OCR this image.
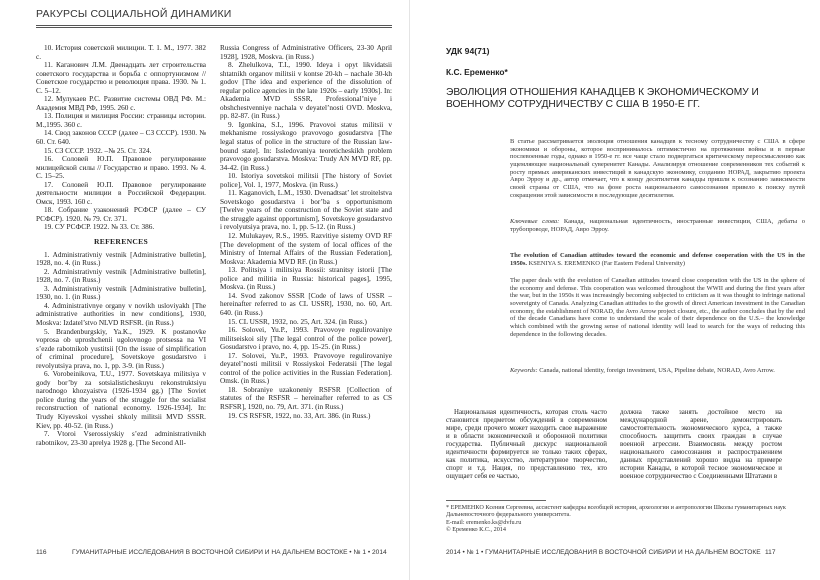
РАКУРСЫ СОЦИАЛЬНОЙ ДИНАМИКИ

10. История советской милиции. Т. 1. М., 1977. 382 с.

11. Каганович Л.М. Двенадцать лет строительства советского государства и борьба с оппортунизмом // Советское государство и революция права. 1930. № 1. С. 5–12.

12. Мулукаев Р.С. Развитие системы ОВД РФ. М.: Академия МВД РФ, 1995. 260 с.

13. Полиция и милиция России: страницы истории. М.,1995. 360 с.

14. Свод законов СССР (далее – СЗ СССР). 1930. № 60. Ст. 640.

15. СЗ СССР. 1932. –№ 25. Ст. 324.

16. Соловей Ю.П. Правовое регулирование милицейской силы // Государство и право. 1993. № 4. С. 15–25.

17. Соловей Ю.П. Правовое регулирование деятельности милиции в Российской Федерации. Омск, 1993. 160 с.

18. Собрание узаконений РСФСР (далее – СУ РСФСР). 1920. № 79. Ст. 371.

19. СУ РСФСР. 1922. № 33. Ст. 386.

REFERENCES

1. Administrativniy vestnik [Administrative bulletin], 1928, no. 4. (in Russ.)

2. Administrativniy vestnik [Administrative bulletin], 1928, no. 7. (in Russ.)

3. Administrativniy vestnik [Administrative bulletin], 1930, no. 1. (in Russ.)

4. Administrativnye organy v novikh usloviyakh [The administrative authorities in new conditions], 1930, Moskva: Izdatel’stvo NLVD RSFSR. (in Russ.)

5. Brandenburgskiy, Ya.K., 1929. K postanovke voprosa ob uproshchenii ugolovnogo protsessa na VI s’ezde rabotnikob yustitsii [On the issue of simplification of criminal procedure], Sovetskoye gosudarstvo i revolyutsiya prava, no. 1, pp. 3-9. (in Russ.)

6. Vorobeinikova, T.U., 1977. Sovetskaya militsiya v gody bor’by za sotsialisticheskuyu rekonstruktsiyu narodnogo khozyaistva (1926-1934 gg.) [The Soviet police during the years of the struggle for the socialist reconstruction of national economy. 1926-1934]. In: Trudy Kiyevskoi vysshei shkoly militsii MVD SSSR. Kiev, pp. 40-52. (in Russ.)

7. Vtoroi Vserossiyskiy s’ezd administrativnikh rabotnikov, 23-30 aprelya 1928 g. [The Second All-

Russia Congress of Administrative Officers, 23-30 April 1928], 1928, Moskva. (in Russ.)

8. Zhelulkova, T.I., 1990. Ideya i opyt likvidatsii shtatnikh organov militsii v kontse 20-kh – nachale 30-kh godov [The idea and experience of the dissolution of regular police agencies in the late 1920s – early 1930s]. In: Akademia MVD SSSR, Professional’niye i obshchestvenniye nachala v deyatel’nosti OVD. Moskva, pp. 82-87. (in Russ.)

9. Igonkina, S.I., 1996. Pravovoi status militsii v mekhanisme rossiyskogo pravovogo gosudarstva [The legal status of police in the structure of the Russian law-bound state]. In: Issledovaniya teoreticheskikh problem pravovogo gosudarstva. Moskva: Trudy AN MVD RF, pp. 34-42. (in Russ.)

10. Istoriya sovetskoi militsii [The history of Soviet police], Vol. 1, 1977, Moskva. (in Russ.)

11. Kaganovich, L.M., 1930. Dvenadtsat’ let stroitelstva Sovetskogo gosudarstva i bor’ba s opportunismom [Twelve years of the construction of the Soviet state and the struggle against opportunism], Sovetskoye gosudarstvo i revolyutsiya prava, no. 1, pp. 5-12. (in Russ.)

12. Mulukayev, R.S., 1995. Razvitiye sistemy OVD RF [The development of the system of local offices of the Ministry of Internal Affairs of the Russian Federation], Moskva: Akademia MVD RF. (in Russ.)

13. Politsiya i militsiya Rossii: stranitsy istorii [The police and militia in Russia: historical pages], 1995, Moskva. (in Russ.)

14. Svod zakonov SSSR [Code of laws of USSR – hereinafter referred to as CL USSR], 1930, no. 60, Art. 640. (in Russ.)

15. CL USSR, 1932, no. 25, Art. 324. (in Russ.)

16. Solovei, Yu.P., 1993. Pravovoye regulirovaniye militseiskoi sily [The legal control of the police power], Gosudarstvo i pravo, no. 4, pp. 15-25. (in Russ.)

17. Solovei, Yu.P., 1993. Pravovoye regulirovaniye deyatel’nosti militsii v Rossiyskoi Federatsii [The legal control of the police activities in the Russian Federation]. Omsk. (in Russ.)

18. Sobraniye uzakoneniy RSFSR [Collection of statutes of the RSFSR – hereinafter referred to as CS RSFSR], 1920, no. 79, Art. 371. (in Russ.)

19. CS RSFSR, 1922, no. 33, Art. 386. (in Russ.)

116	ГУМАНИТАРНЫЕ ИССЛЕДОВАНИЯ В ВОСТОЧНОЙ СИБИРИ И НА ДАЛЬНЕМ ВОСТОКЕ • № 1 • 2014
УДК 94(71)
К.С. Еременко*
ЭВОЛЮЦИЯ ОТНОШЕНИЯ КАНАДЦЕВ К ЭКОНОМИЧЕСКОМУ И ВОЕННОМУ СОТРУДНИЧЕСТВУ С США В 1950-Е ГГ.

В статье рассматривается эволюция отношения канадцев к тесному сотрудничеству с США в сфере экономики и обороны, которое воспринималось оптимистично на протяжении войны и в первые послевоенные годы, однако в 1950-е гг. все чаще стало подвергаться критическому переосмыслению как ущемляющее национальный суверенитет Канады. Анализируя отношение современников тех событий к росту прямых американских инвестиций в канадскую экономику, созданию НОРАД, закрытию проекта Авро Эрроу и др., автор отмечает, что к концу десятилетия канадцы пришли к осознанию зависимости своей страны от США, что на фоне роста национального самосознания привело к поиску путей сокращения этой зависимости в последующие десятилетия.

Ключевые слова: Канада, национальная идентичность, иностранные инвестиции, США, дебаты о трубопроводе, НОРАД, Авро Эрроу.

The evolution of Canadian attitudes toward the economic and defense cooperation with the US in the 1950s. KSENIYA S. EREMENKO (Far Eastern Federal University)

The paper deals with the evolution of Canadian attitudes toward close cooperation with the US in the sphere of the economy and defense. This cooperation was welcomed throughout the WWII and during the first years after the war, but in the 1950s it was increasingly becoming subjected to criticism as it was thought to infringe national sovereignty of Canada. Analyzing Canadian attitudes to the growth of direct American investment in the Canadian economy, the establishment of NORAD, the Avro Arrow project closure, etc., the author concludes that by the end of the decade Canadians have come to understand the scale of their dependence on the U.S.– the knowledge which combined with the growing sense of national identity will lead to search for the ways of reducing this dependence in the following decades.

Keywords: Canada, national identity, foreign investment, USA, Pipeline debate, NORAD, Avro Arrow.

Национальная идентичность, которая столь часто становится предметом обсуждений в современном мире, среди прочего может находить свое выражение и в области экономической и оборонной политики государства. Публичный дискурс национальной идентичности формируется не только таких сферах, как политика, искусство, литературное творчество, спорт и т.д. Нация, по представлению тех, кто ощущает себя ее частью,

должна также занять достойное место на международной арене, демонстрировать самостоятельность экономического курса, а также способность защитить своих граждан в случае военной агрессии. Взаимосвязь между ростом национального самосознания и распространением данных представлений хорошо видна на примере истории Канады, в которой тесное экономическое и военное сотрудничество с Соединенными Штатами в

* ЕРЕМЕНКО Ксения Сергеевна, ассистент кафедры всеобщей истории, археологии и антропологии Школы гуманитарных наук Дальневосточного федерального университета.
E-mail: eremenko.ks@dvfu.ru
© Еременко К.С., 2014
2014 • № 1 • ГУМАНИТАРНЫЕ ИССЛЕДОВАНИЯ В ВОСТОЧНОЙ СИБИРИ И НА ДАЛЬНЕМ ВОСТОКЕ 117
